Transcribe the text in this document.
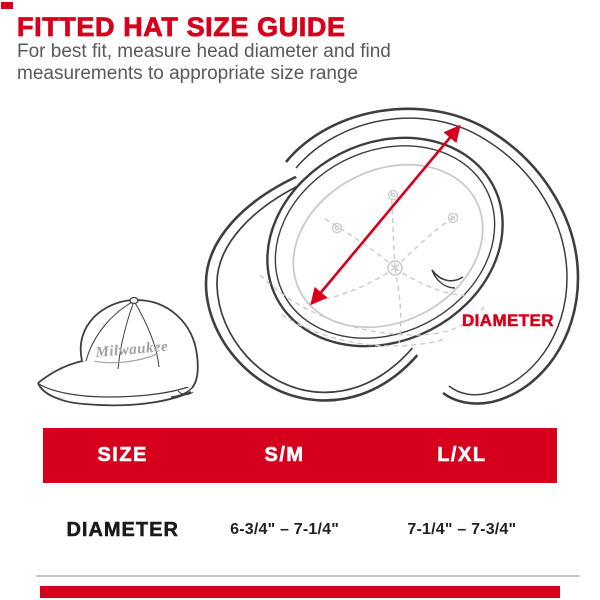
FITTED HAT SIZE GUIDE

For best fit, measure head diameter and find

measurements to appropriate size range

DIAMETER
Milwaukee
SIZE	S/M	L/XL
DIAMETER	6-3/4" – 7-1/4"	7-1/4" – 7-3/4"
